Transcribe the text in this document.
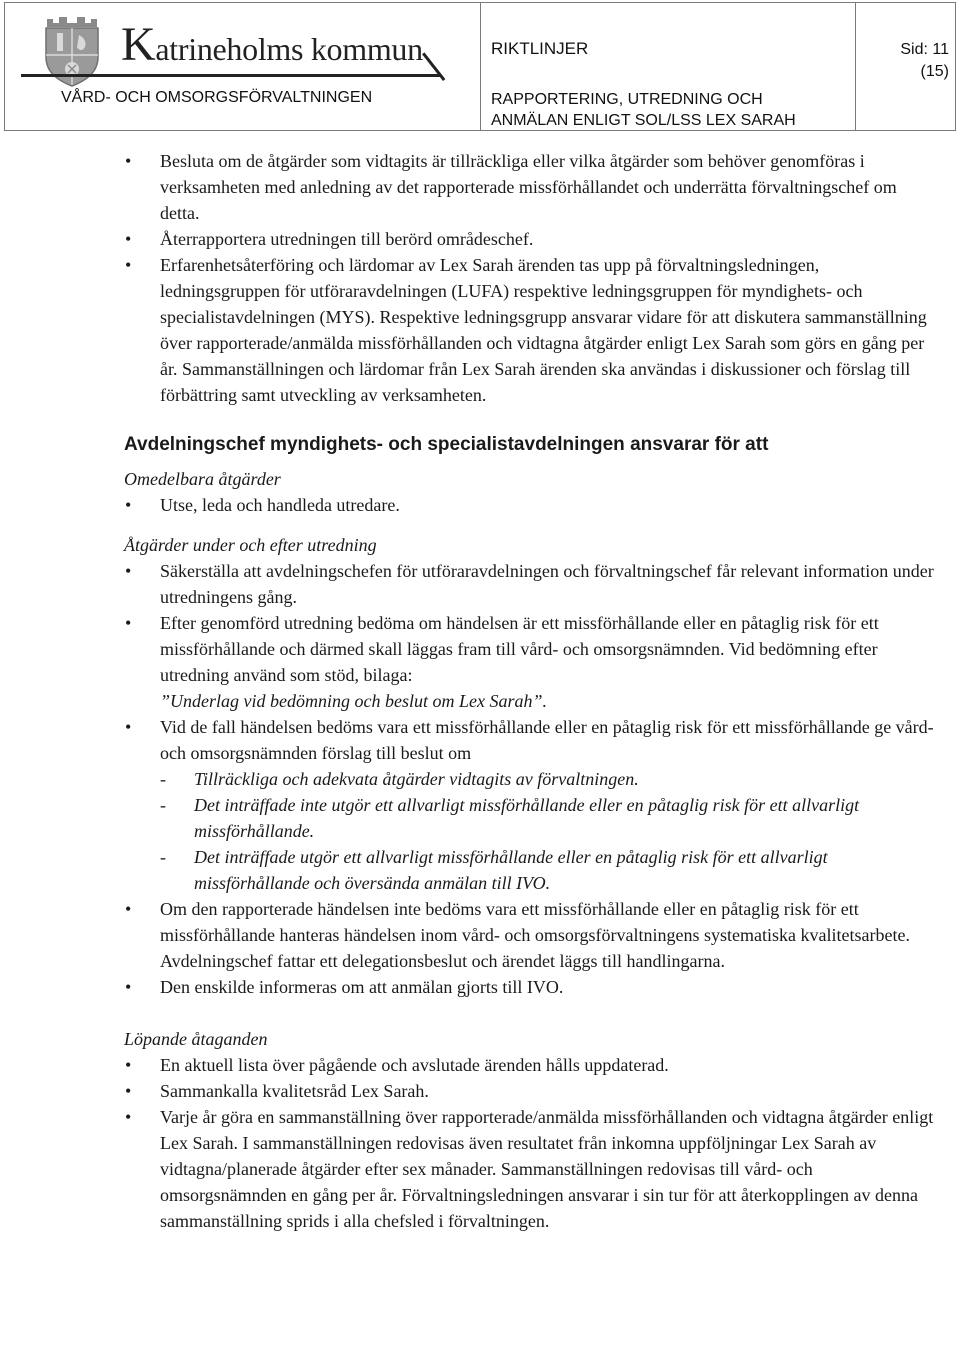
Katrineholms kommun
VÅRD- OCH OMSORGSFÖRVALTNINGEN
RIKTLINJER
RAPPORTERING, UTREDNING OCH
ANMÄLAN ENLIGT SOL/LSS LEX SARAH
Sid: 11
(15)
• Besluta om de åtgärder som vidtagits är tillräckliga eller vilka åtgärder som behöver genomföras i verksamheten med anledning av det rapporterade missförhållandet och underrätta förvaltningschef om detta.
• Återrapportera utredningen till berörd områdeschef.
• Erfarenhetsåterföring och lärdomar av Lex Sarah ärenden tas upp på förvaltningsledningen, ledningsgruppen för utföraravdelningen (LUFA) respektive ledningsgruppen för myndighets- och specialistavdelningen (MYS). Respektive ledningsgrupp ansvarar vidare för att diskutera sammanställning över rapporterade/anmälda missförhållanden och vidtagna åtgärder enligt Lex Sarah som görs en gång per år. Sammanställningen och lärdomar från Lex Sarah ärenden ska användas i diskussioner och förslag till förbättring samt utveckling av verksamheten.
Avdelningschef myndighets- och specialistavdelningen ansvarar för att
Omedelbara åtgärder
• Utse, leda och handleda utredare.
Åtgärder under och efter utredning
• Säkerställa att avdelningschefen för utföraravdelningen och förvaltningschef får relevant information under utredningens gång.
• Efter genomförd utredning bedöma om händelsen är ett missförhållande eller en påtaglig risk för ett missförhållande och därmed skall läggas fram till vård- och omsorgsnämnden. Vid bedömning efter utredning använd som stöd, bilaga:
”Underlag vid bedömning och beslut om Lex Sarah”.
• Vid de fall händelsen bedöms vara ett missförhållande eller en påtaglig risk för ett missförhållande ge vård- och omsorgsnämnden förslag till beslut om
- Tillräckliga och adekvata åtgärder vidtagits av förvaltningen.
- Det inträffade inte utgör ett allvarligt missförhållande eller en påtaglig risk för ett allvarligt missförhållande.
- Det inträffade utgör ett allvarligt missförhållande eller en påtaglig risk för ett allvarligt missförhållande och översända anmälan till IVO.
• Om den rapporterade händelsen inte bedöms vara ett missförhållande eller en påtaglig risk för ett missförhållande hanteras händelsen inom vård- och omsorgsförvaltningens systematiska kvalitetsarbete. Avdelningschef fattar ett delegationsbeslut och ärendet läggs till handlingarna.
• Den enskilde informeras om att anmälan gjorts till IVO.
Löpande åtaganden
• En aktuell lista över pågående och avslutade ärenden hålls uppdaterad.
• Sammankalla kvalitetsråd Lex Sarah.
• Varje år göra en sammanställning över rapporterade/anmälda missförhållanden och vidtagna åtgärder enligt Lex Sarah. I sammanställningen redovisas även resultatet från inkomna uppföljningar Lex Sarah av vidtagna/planerade åtgärder efter sex månader. Sammanställningen redovisas till vård- och omsorgsnämnden en gång per år. Förvaltningsledningen ansvarar i sin tur för att återkopplingen av denna sammanställning sprids i alla chefsled i förvaltningen.
